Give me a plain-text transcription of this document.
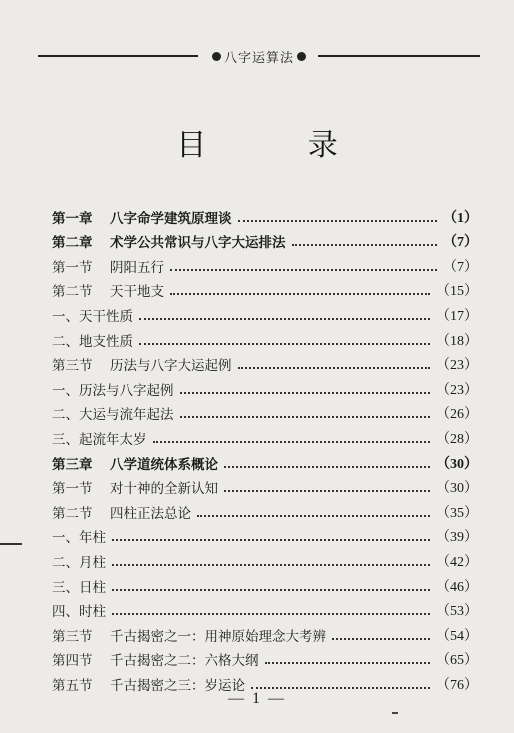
八字运算法
目 录
第一章 八字命学建筑原理谈	（1）
第二章 术学公共常识与八字大运排法	（7）
第一节 阴阳五行	（7）
第二节 天干地支	（15）
一、天干性质	（17）
二、地支性质	（18）
第三节 历法与八字大运起例	（23）
一、历法与八字起例	（23）
二、大运与流年起法	（26）
三、起流年太岁	（28）
第三章 八学道统体系概论	（30）
第一节 对十神的全新认知	（30）
第二节 四柱正法总论	（35）
一、年柱	（39）
二、月柱	（42）
三、日柱	（46）
四、时柱	（53）
第三节 千古揭密之一：用神原始理念大考辨	（54）
第四节 千古揭密之二：六格大纲	（65）
第五节 千古揭密之三：岁运论	（76）
— 1 —
